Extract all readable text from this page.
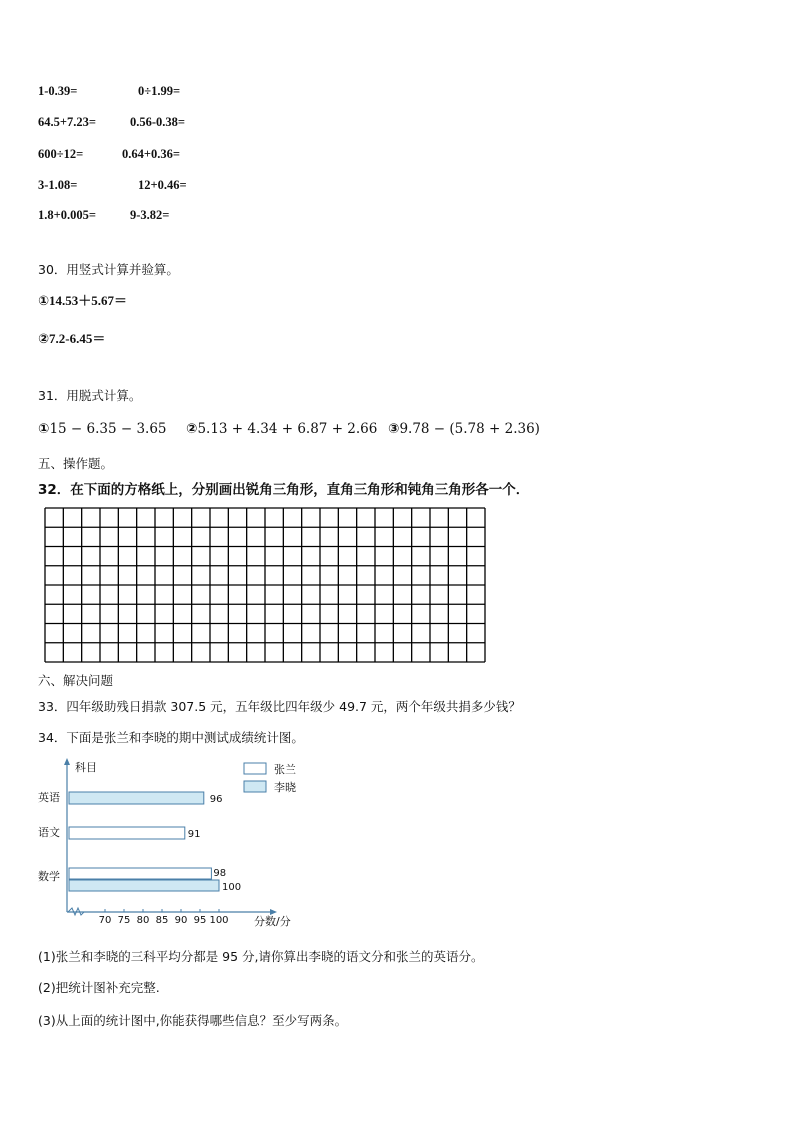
1-0.39=	0÷1.99=
64.5+7.23=	0.56-0.38=
600÷12=	0.64+0.36=
3-1.08=	12+0.46=
1.8+0.005=	9-3.82=
30．用竖式计算并验算。
①14.53＋5.67＝
②7.2-6.45＝
31．用脱式计算。
①15 − 6.35 − 3.65 ②5.13 + 4.34 + 6.87 + 2.66 ③9.78 − (5.78 + 2.36)
五、操作题。
32．在下面的方格纸上，分别画出锐角三角形，直角三角形和钝角三角形各一个．
六、解决问题
33．四年级助残日捐款 307.5 元，五年级比四年级少 49.7 元，两个年级共捐多少钱？
34．下面是张兰和李晓的期中测试成绩统计图。
科目
分数/分
70 75 80 85 90 95 100
张兰
李晓
英语	96
语文	91
数学	98
100
(1)张兰和李晓的三科平均分都是 95 分,请你算出李晓的语文分和张兰的英语分。
(2)把统计图补充完整.
(3)从上面的统计图中,你能获得哪些信息？至少写两条。
